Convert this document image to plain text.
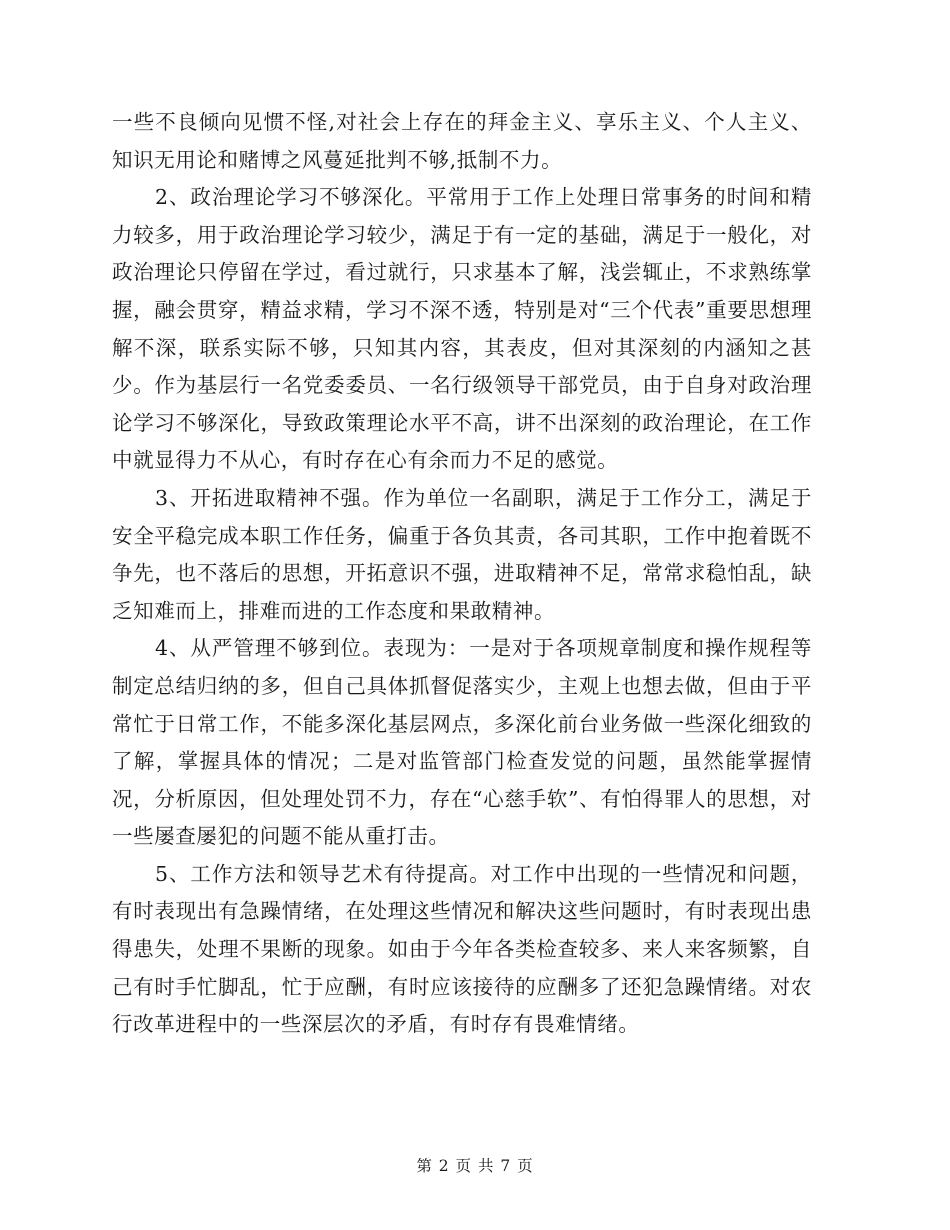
一些不良倾向见惯不怪,对社会上存在的拜金主义、享乐主义、个人主义、知识无用论和赌博之风蔓延批判不够,抵制不力。

2、政治理论学习不够深化。平常用于工作上处理日常事务的时间和精力较多，用于政治理论学习较少，满足于有一定的基础，满足于一般化，对政治理论只停留在学过，看过就行，只求基本了解，浅尝辄止，不求熟练掌握，融会贯穿，精益求精，学习不深不透，特别是对“三个代表”重要思想理解不深，联系实际不够，只知其内容，其表皮，但对其深刻的内涵知之甚少。作为基层行一名党委委员、一名行级领导干部党员，由于自身对政治理论学习不够深化，导致政策理论水平不高，讲不出深刻的政治理论，在工作中就显得力不从心，有时存在心有余而力不足的感觉。

3、开拓进取精神不强。作为单位一名副职，满足于工作分工，满足于安全平稳完成本职工作任务，偏重于各负其责，各司其职，工作中抱着既不争先，也不落后的思想，开拓意识不强，进取精神不足，常常求稳怕乱，缺乏知难而上，排难而进的工作态度和果敢精神。

4、从严管理不够到位。表现为：一是对于各项规章制度和操作规程等制定总结归纳的多，但自己具体抓督促落实少，主观上也想去做，但由于平常忙于日常工作，不能多深化基层网点，多深化前台业务做一些深化细致的了解，掌握具体的情况；二是对监管部门检查发觉的问题，虽然能掌握情况，分析原因，但处理处罚不力，存在“心慈手软”、有怕得罪人的思想，对一些屡查屡犯的问题不能从重打击。

5、工作方法和领导艺术有待提高。对工作中出现的一些情况和问题，有时表现出有急躁情绪，在处理这些情况和解决这些问题时，有时表现出患得患失，处理不果断的现象。如由于今年各类检查较多、来人来客频繁，自己有时手忙脚乱，忙于应酬，有时应该接待的应酬多了还犯急躁情绪。对农行改革进程中的一些深层次的矛盾，有时存有畏难情绪。

第 2 页 共 7 页
